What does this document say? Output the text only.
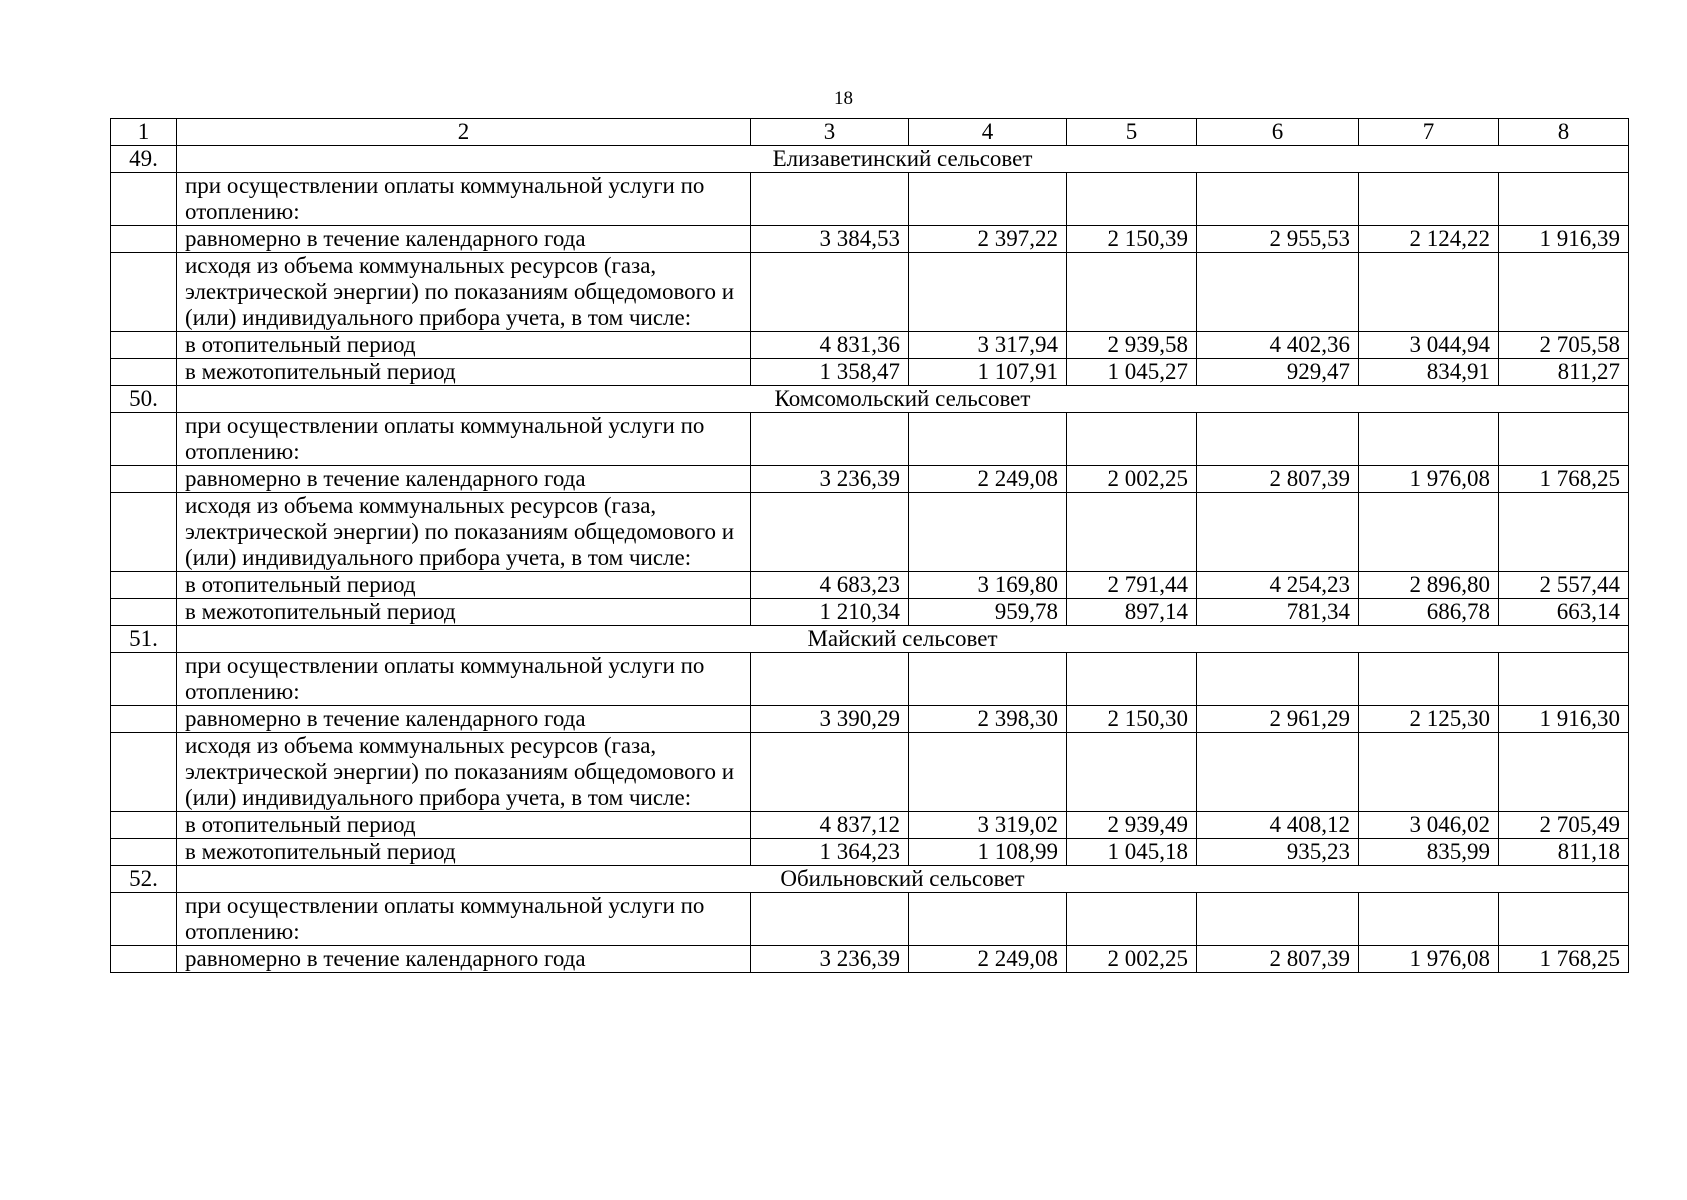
18
1	2	3	4	5	6	7	8
49.	Елизаветинский сельсовет						
	при осуществлении оплаты коммунальной услуги по отоплению:						
	равномерно в течение календарного года	3 384,53	2 397,22	2 150,39	2 955,53	2 124,22	1 916,39
	исходя из объема коммунальных ресурсов (газа, электрической энергии) по показаниям общедомового и (или) индивидуального прибора учета, в том числе:						
	в отопительный период	4 831,36	3 317,94	2 939,58	4 402,36	3 044,94	2 705,58
	в межотопительный период	1 358,47	1 107,91	1 045,27	929,47	834,91	811,27
50.	Комсомольский сельсовет						
	при осуществлении оплаты коммунальной услуги по отоплению:						
	равномерно в течение календарного года	3 236,39	2 249,08	2 002,25	2 807,39	1 976,08	1 768,25
	исходя из объема коммунальных ресурсов (газа, электрической энергии) по показаниям общедомового и (или) индивидуального прибора учета, в том числе:						
	в отопительный период	4 683,23	3 169,80	2 791,44	4 254,23	2 896,80	2 557,44
	в межотопительный период	1 210,34	959,78	897,14	781,34	686,78	663,14
51.	Майский сельсовет						
	при осуществлении оплаты коммунальной услуги по отоплению:						
	равномерно в течение календарного года	3 390,29	2 398,30	2 150,30	2 961,29	2 125,30	1 916,30
	исходя из объема коммунальных ресурсов (газа, электрической энергии) по показаниям общедомового и (или) индивидуального прибора учета, в том числе:						
	в отопительный период	4 837,12	3 319,02	2 939,49	4 408,12	3 046,02	2 705,49
	в межотопительный период	1 364,23	1 108,99	1 045,18	935,23	835,99	811,18
52.	Обильновский сельсовет						
	при осуществлении оплаты коммунальной услуги по отоплению:						
	равномерно в течение календарного года	3 236,39	2 249,08	2 002,25	2 807,39	1 976,08	1 768,25
